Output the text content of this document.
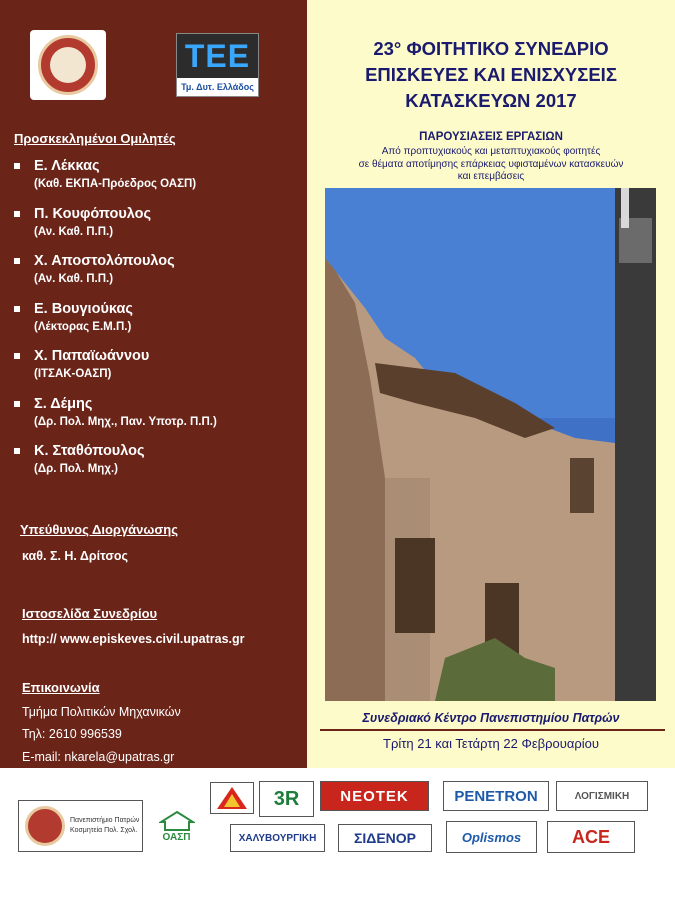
ΤΕΕ
Τμ. Δυτ. Ελλάδος
Προσκεκλημένοι Ομιλητές
Ε. Λέκκας
(Καθ. ΕΚΠΑ-Πρόεδρος ΟΑΣΠ)
Π. Κουφόπουλος
(Αν. Καθ. Π.Π.)
Χ. Αποστολόπουλος
(Αν. Καθ. Π.Π.)
Ε. Βουγιούκας
(Λέκτορας Ε.Μ.Π.)
Χ. Παπαϊωάννου
(ΙΤΣΑΚ-ΟΑΣΠ)
Σ. Δέμης
(Δρ. Πολ. Μηχ., Παν. Υποτρ. Π.Π.)
Κ. Σταθόπουλος
(Δρ. Πολ. Μηχ.)
Υπεύθυνος Διοργάνωσης
καθ. Σ. Η. Δρίτσος
Ιστοσελίδα Συνεδρίου
http:// www.episkeves.civil.upatras.gr
Επικοινωνία
Τμήμα Πολιτικών Μηχανικών
Τηλ: 2610 996539
E-mail: nkarela@upatras.gr
23° ΦΟΙΤΗΤΙΚΟ ΣΥΝΕΔΡΙΟ
ΕΠΙΣΚΕΥΕΣ ΚΑΙ ΕΝΙΣΧΥΣΕΙΣ
ΚΑΤΑΣΚΕΥΩΝ 2017
ΠΑΡΟΥΣΙΑΣΕΙΣ ΕΡΓΑΣΙΩΝ
Από προπτυχιακούς και μεταπτυχιακούς φοιτητές
σε θέματα αποτίμησης επάρκειας υφισταμένων κατασκευών
και επεμβάσεις
Συνεδριακό Κέντρο Πανεπιστημίου Πατρών
Τρίτη 21 και Τετάρτη 22 Φεβρουαρίου
Πανεπιστήμιο Πατρών
Κοσμητεία Πολ. Σχολ.
ΟΑΣΠ
3R	NEOTEK	PENETRON	ΛΟΓΙΣΜΙΚΗ
ΧΑΛΥΒΟΥΡΓΙΚΗ	ΣΙΔΕΝΟΡ	Oplismos	ACE
